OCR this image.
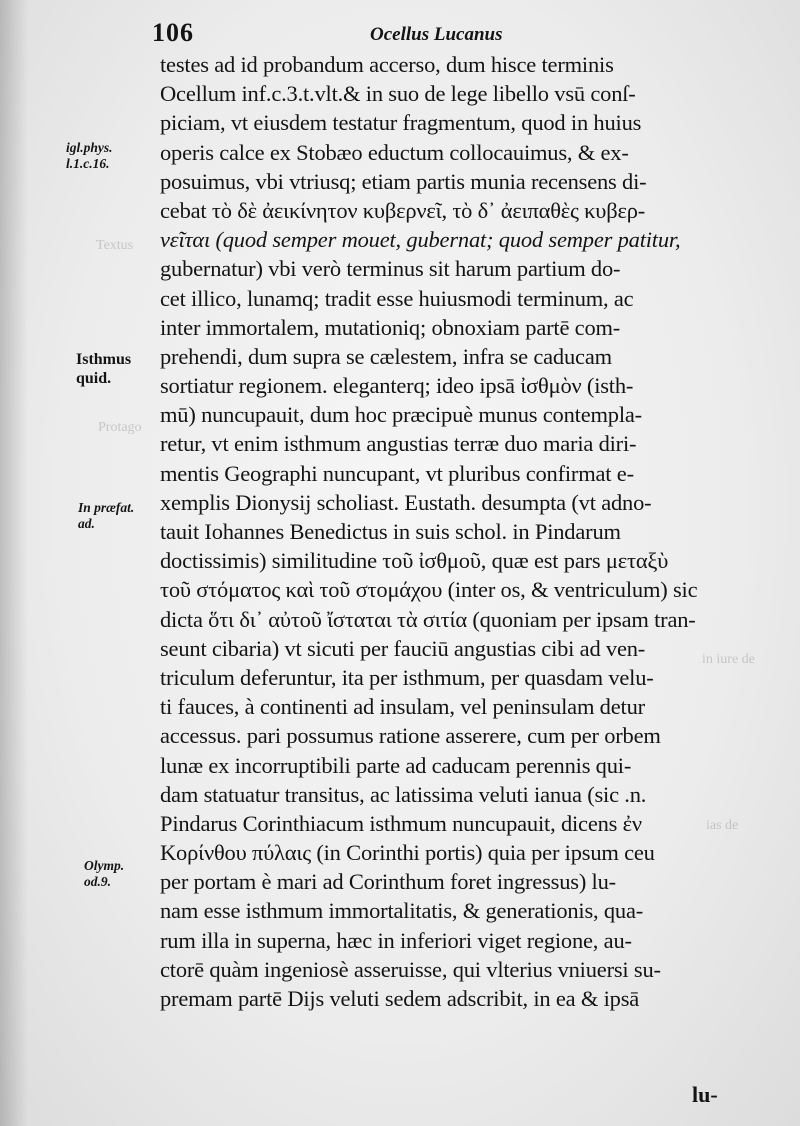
Textus
Protago
in iure de
ias de
106	Ocellus Lucanus
igl.phys.
l.1.c.16.
Isthmus
quid.
In præfat.
ad.
Olymp.
od.9.
testes ad id probandum accerso, dum hisce terminis
Ocellum inf.c.3.t.vlt.& in suo de lege libello vsū conſ-
piciam, vt eiusdem testatur fragmentum, quod in huius
operis calce ex Stobæo eductum collocauimus, & ex-
posuimus, vbi vtriusq; etiam partis munia recensens di-
cebat τὸ δὲ ἀεικίνητον κυβερνεῖ, τὸ δ᾽ ἀειπαθὲς κυβερ-
νεῖται (quod semper mouet, gubernat; quod semper patitur,
gubernatur) vbi verò terminus sit harum partium do-
cet illico, lunamq; tradit esse huiusmodi terminum, ac
inter immortalem, mutationiq; obnoxiam partē com-
prehendi, dum supra se cælestem, infra se caducam
sortiatur regionem. eleganterq; ideo ipsā ἰσθμὸν (isth-
mū) nuncupauit, dum hoc præcipuè munus contempla-
retur, vt enim isthmum angustias terræ duo maria diri-
mentis Geographi nuncupant, vt pluribus confirmat e-
xemplis Dionysij scholiast. Eustath. desumpta (vt adno-
tauit Iohannes Benedictus in suis schol. in Pindarum
doctissimis) similitudine τοῦ ἰσθμοῦ, quæ est pars μεταξὺ
τοῦ στόματος καὶ τοῦ στομάχου (inter os, & ventriculum) sic
dicta ὅτι δι᾽ αὐτοῦ ἴσταται τὰ σιτία (quoniam per ipsam tran-
seunt cibaria) vt sicuti per fauciū angustias cibi ad ven-
triculum deferuntur, ita per isthmum, per quasdam velu-
ti fauces, à continenti ad insulam, vel peninsulam detur
accessus. pari possumus ratione asserere, cum per orbem
lunæ ex incorruptibili parte ad caducam perennis qui-
dam statuatur transitus, ac latissima veluti ianua (sic .n.
Pindarus Corinthiacum isthmum nuncupauit, dicens ἐν
Κορίνθου πύλαις (in Corinthi portis) quia per ipsum ceu
per portam è mari ad Corinthum foret ingressus) lu-
nam esse isthmum immortalitatis, & generationis, qua-
rum illa in superna, hæc in inferiori viget regione, au-
ctorē quàm ingeniosè asseruisse, qui vlterius vniuersi su-
premam partē Dijs veluti sedem adscribit, in ea & ipsā
lu-
